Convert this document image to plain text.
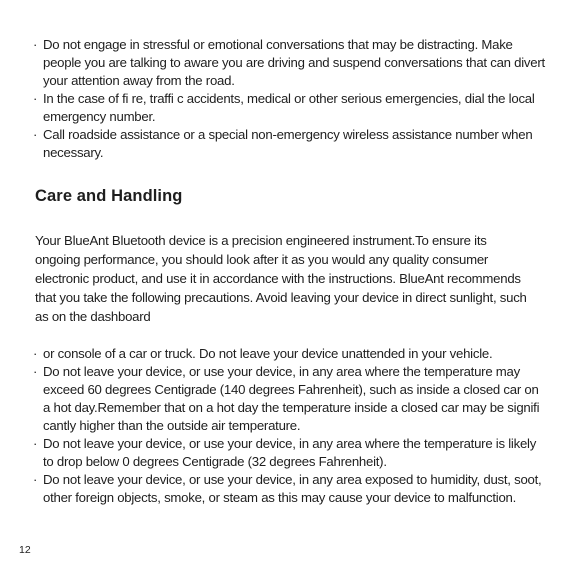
· Do not engage in stressful or emotional conversations that may be distracting. Make people you are talking to aware you are driving and suspend conversations that can divert your attention away from the road.
· In the case of fi re, traffi c accidents, medical or other serious emergencies, dial the local emergency number.
· Call roadside assistance or a special non-emergency wireless assistance number when necessary.
Care and Handling

Your BlueAnt Bluetooth device is a precision engineered instrument.To ensure its ongoing performance, you should look after it as you would any quality consumer electronic product, and use it in accordance with the instructions. BlueAnt recommends that you take the following precautions. Avoid leaving your device in direct sunlight, such as on the dashboard

· or console of a car or truck. Do not leave your device unattended in your vehicle.
· Do not leave your device, or use your device, in any area where the temperature may exceed 60 degrees Centigrade (140 degrees Fahrenheit), such as inside a closed car on a hot day.Remember that on a hot day the temperature inside a closed car may be signifi cantly higher than the outside air temperature.
· Do not leave your device, or use your device, in any area where the temperature is likely to drop below 0 degrees Centigrade (32 degrees Fahrenheit).
· Do not leave your device, or use your device, in any area exposed to humidity, dust, soot, other foreign objects, smoke, or steam as this may cause your device to malfunction.
12
